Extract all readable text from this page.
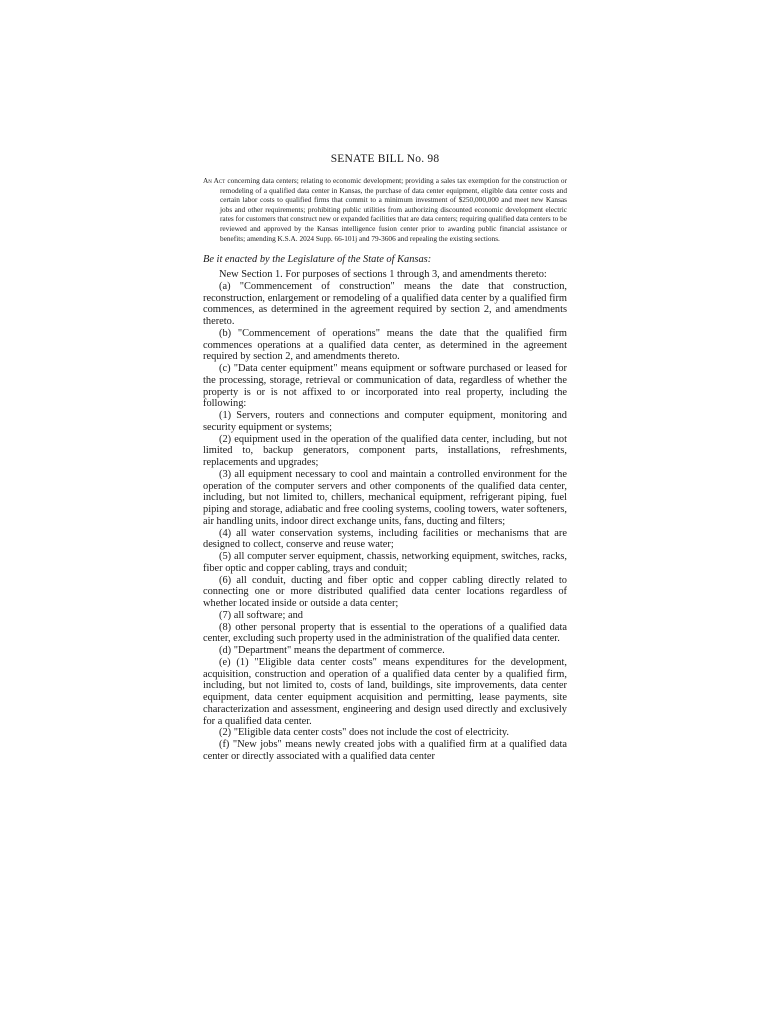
SENATE BILL No. 98
An Act concerning data centers; relating to economic development; providing a sales tax exemption for the construction or remodeling of a qualified data center in Kansas, the purchase of data center equipment, eligible data center costs and certain labor costs to qualified firms that commit to a minimum investment of $250,000,000 and meet new Kansas jobs and other requirements; prohibiting public utilities from authorizing discounted economic development electric rates for customers that construct new or expanded facilities that are data centers; requiring qualified data centers to be reviewed and approved by the Kansas intelligence fusion center prior to awarding public financial assistance or benefits; amending K.S.A. 2024 Supp. 66-101j and 79-3606 and repealing the existing sections.
Be it enacted by the Legislature of the State of Kansas:

New Section 1. For purposes of sections 1 through 3, and amendments thereto:

(a) "Commencement of construction" means the date that construction, reconstruction, enlargement or remodeling of a qualified data center by a qualified firm commences, as determined in the agreement required by section 2, and amendments thereto.

(b) "Commencement of operations" means the date that the qualified firm commences operations at a qualified data center, as determined in the agreement required by section 2, and amendments thereto.

(c) "Data center equipment" means equipment or software purchased or leased for the processing, storage, retrieval or communication of data, regardless of whether the property is or is not affixed to or incorporated into real property, including the following:

(1) Servers, routers and connections and computer equipment, monitoring and security equipment or systems;

(2) equipment used in the operation of the qualified data center, including, but not limited to, backup generators, component parts, installations, refreshments, replacements and upgrades;

(3) all equipment necessary to cool and maintain a controlled environment for the operation of the computer servers and other components of the qualified data center, including, but not limited to, chillers, mechanical equipment, refrigerant piping, fuel piping and storage, adiabatic and free cooling systems, cooling towers, water softeners, air handling units, indoor direct exchange units, fans, ducting and filters;

(4) all water conservation systems, including facilities or mechanisms that are designed to collect, conserve and reuse water;

(5) all computer server equipment, chassis, networking equipment, switches, racks, fiber optic and copper cabling, trays and conduit;

(6) all conduit, ducting and fiber optic and copper cabling directly related to connecting one or more distributed qualified data center locations regardless of whether located inside or outside a data center;

(7) all software; and

(8) other personal property that is essential to the operations of a qualified data center, excluding such property used in the administration of the qualified data center.

(d) "Department" means the department of commerce.

(e) (1) "Eligible data center costs" means expenditures for the development, acquisition, construction and operation of a qualified data center by a qualified firm, including, but not limited to, costs of land, buildings, site improvements, data center equipment, data center equipment acquisition and permitting, lease payments, site characterization and assessment, engineering and design used directly and exclusively for a qualified data center.

(2) "Eligible data center costs" does not include the cost of electricity.

(f) "New jobs" means newly created jobs with a qualified firm at a qualified data center or directly associated with a qualified data center
